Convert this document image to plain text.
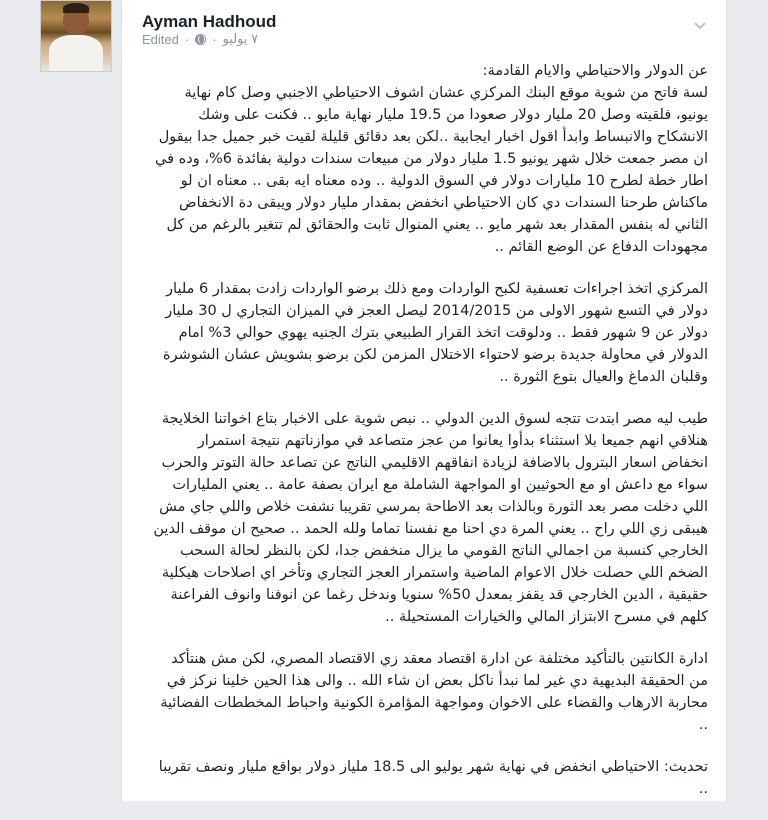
Ayman Hadhoud
Edited · · ٧ يوليو

عن الدولار والاحتياطي والايام القادمة:
لسة فاتح من شوية موقع البنك المركزي عشان اشوف الاحتياطي الاجنبي وصل كام نهاية يونيو، فلقيته وصل 20 مليار دولار صعودا من 19.5 مليار نهاية مايو .. فكنت على وشك الانشكاح والانبساط وابدأ اقول اخبار ايجابية ..لكن بعد دقائق قليلة لقيت خبر جميل جدا بيقول ان مصر جمعت خلال شهر يونيو 1.5 مليار دولار من مبيعات سندات دولية بفائدة 6%، وده في اطار خطة لطرح 10 مليارات دولار في السوق الدولية .. وده معناه ايه بقى .. معناه ان لو ماكناش طرحنا السندات دي كان الاحتياطي انخفض بمقدار مليار دولار ويبقى دة الانخفاض الثاني له بنفس المقدار بعد شهر مايو .. يعني المنوال ثابت والحقائق لم تتغير بالرغم من كل مجهودات الدفاع عن الوضع القائم ..

المركزي اتخذ اجراءات تعسفية لكبح الواردات ومع ذلك برضو الواردات زادت بمقدار 6 مليار دولار في التسع شهور الاولى من 2014/2015 ليصل العجز في الميزان التجاري ل 30 مليار دولار عن 9 شهور فقط .. ودلوقت اتخذ القرار الطبيعي بترك الجنيه يهوي حوالي 3% امام الدولار في محاولة جديدة برضو لاحتواء الاختلال المزمن لكن برضو بشويش عشان الشوشرة وقلبان الدماغ والعيال بتوع الثورة ..

طيب ليه مصر ابتدت تتجه لسوق الدين الدولي .. نبص شوية على الاخبار بتاع اخواتنا الخلايجة هنلاقي انهم جميعا بلا استثناء بدأوا يعانوا من عجز متصاعد في موازناتهم نتيجة استمرار انخفاض اسعار البترول بالاضافة لزيادة انفاقهم الاقليمي الناتج عن تصاعد حالة التوتر والحرب سواء مع داعش او مع الحوثيين او المواجهة الشاملة مع ايران بصفة عامة .. يعني المليارات اللي دخلت مصر بعد الثورة وبالذات بعد الاطاحة بمرسي تقريبا نشفت خلاص واللي جاي مش هيبقى زي اللي راح .. يعني المرة دي احنا مع نفسنا تماما ولله الحمد .. صحيح ان موقف الدين الخارجي كنسبة من اجمالي الناتج القومي ما يزال منخفض جدا، لكن بالنظر لحالة السحب الضخم اللي حصلت خلال الاعوام الماضية واستمرار العجز التجاري وتأخر اي اصلاحات هيكلية حقيقية ، الدين الخارجي قد يقفز بمعدل 50% سنويا وندخل رغما عن انوفنا وانوف الفراعنة كلهم في مسرح الابتزاز المالي والخيارات المستحيلة ..

ادارة الكانتين بالتأكيد مختلفة عن ادارة اقتصاد معقد زي الاقتصاد المصري، لكن مش هنتأكد من الحقيقة البديهية دي غير لما نبدأ ناكل بعض ان شاء الله .. والى هذا الحين خلينا نركز في محاربة الارهاب والقضاء على الاخوان ومواجهة المؤامرة الكونية واحباط المخططات الفضائية ..

تحديث: الاحتياطي انخفض في نهاية شهر يوليو الى 18.5 مليار دولار بواقع مليار ونصف تقريبا ..
